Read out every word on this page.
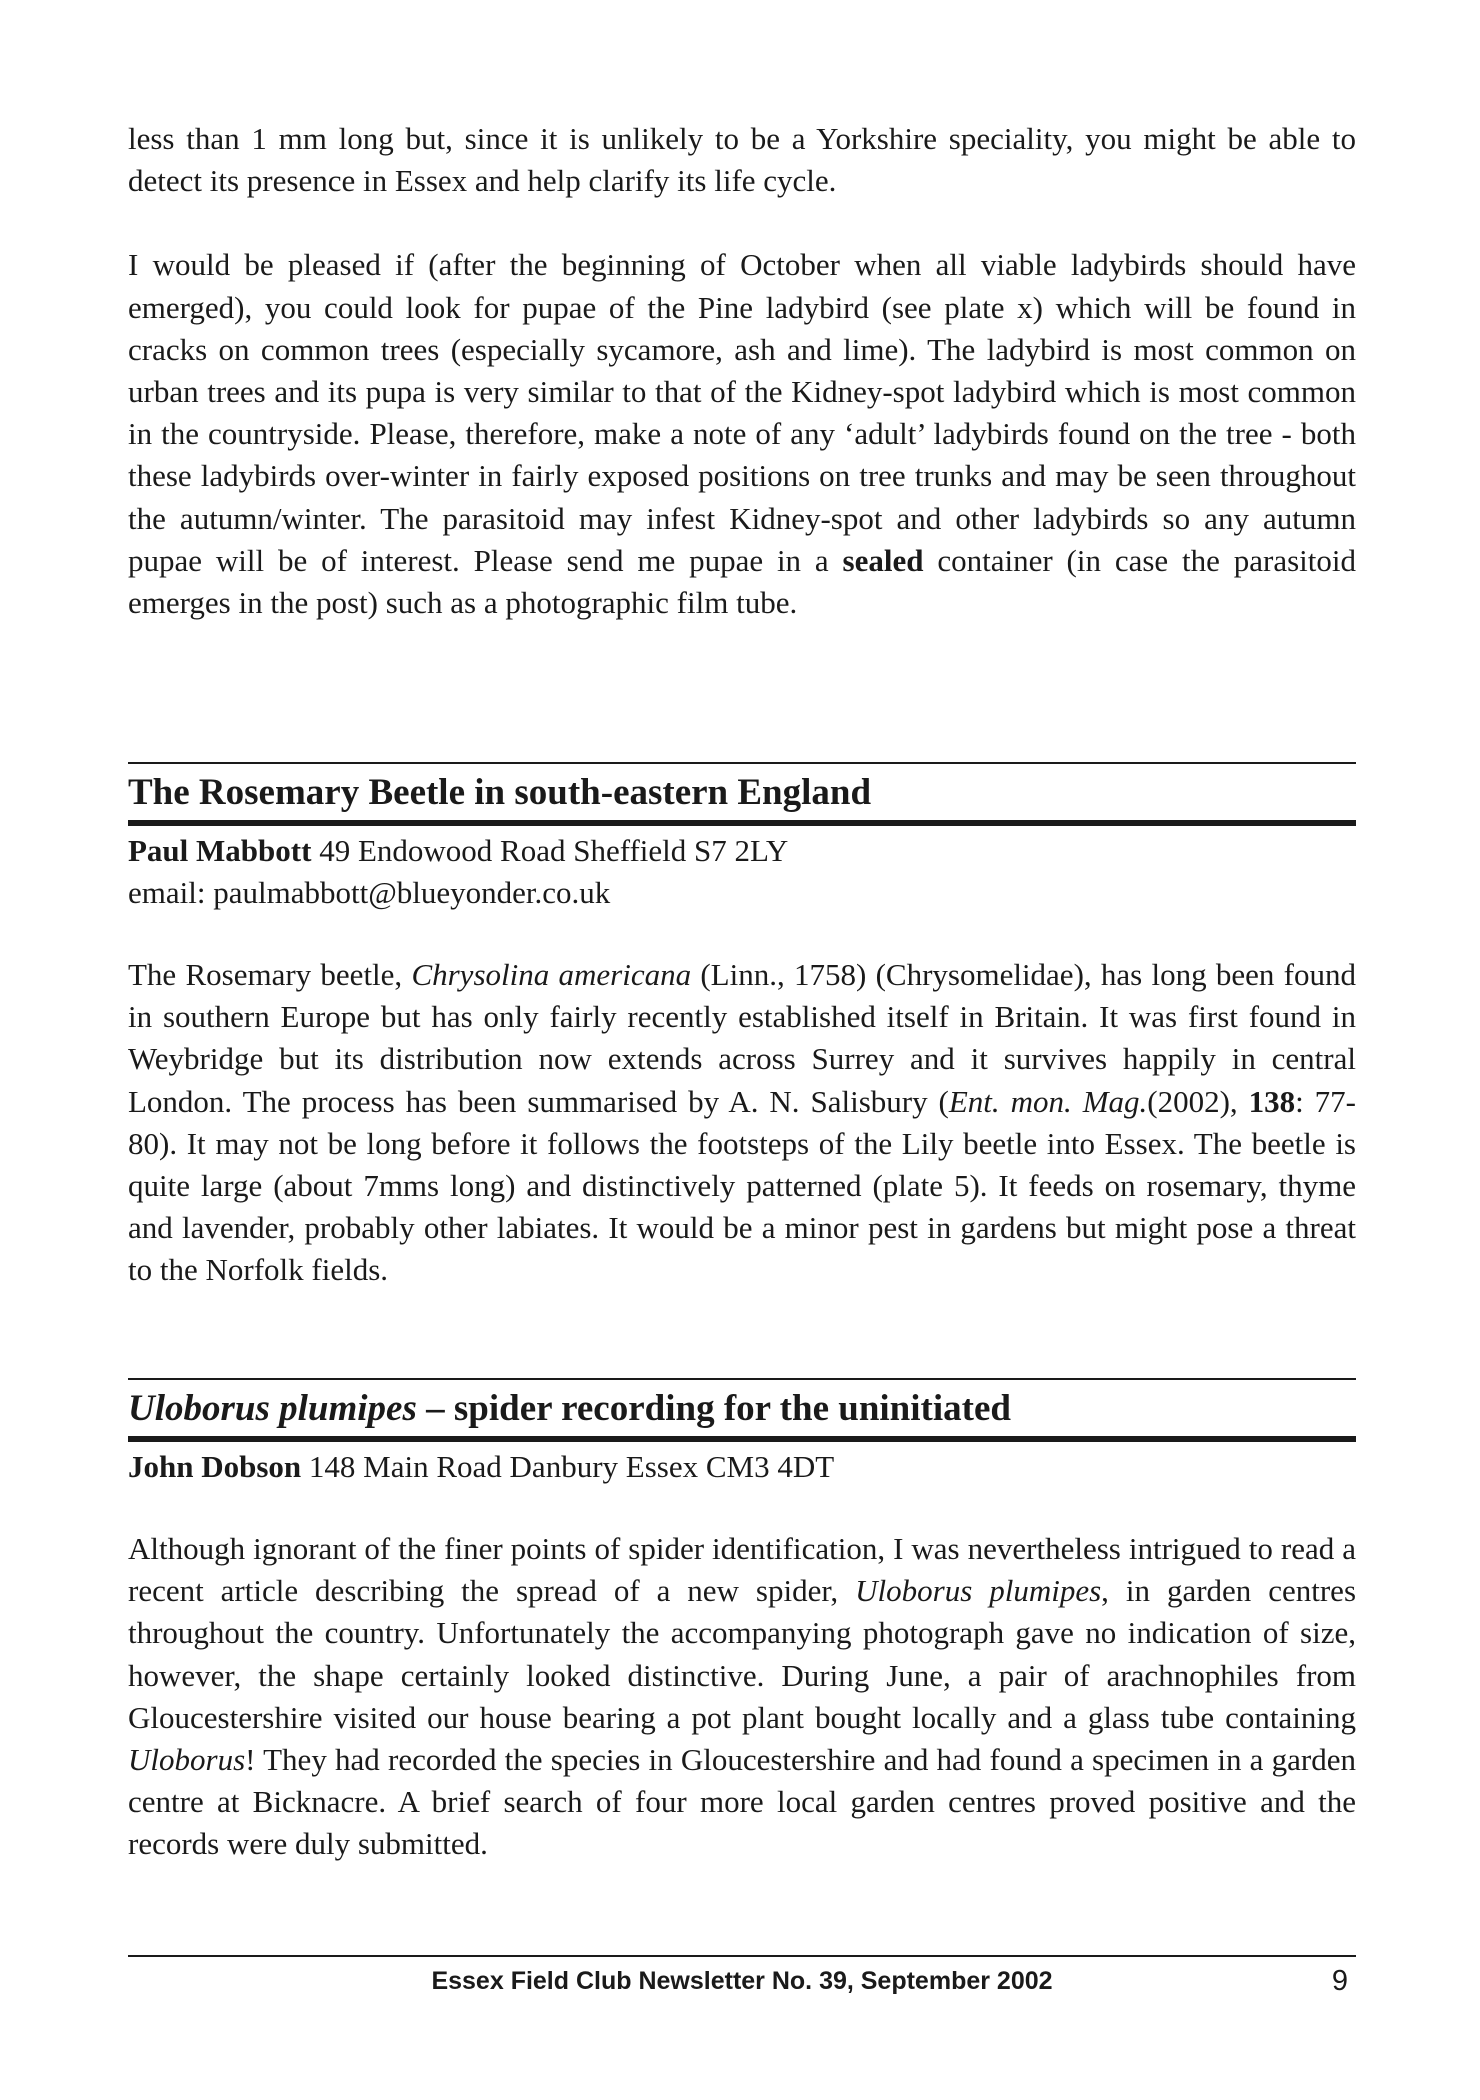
less than 1 mm long but, since it is unlikely to be a Yorkshire speciality, you might be able to detect its presence in Essex and help clarify its life cycle.

I would be pleased if (after the beginning of October when all viable ladybirds should have emerged), you could look for pupae of the Pine ladybird (see plate x) which will be found in cracks on common trees (especially sycamore, ash and lime). The ladybird is most common on urban trees and its pupa is very similar to that of the Kidney-spot ladybird which is most common in the countryside. Please, therefore, make a note of any ‘adult’ ladybirds found on the tree - both these ladybirds over-winter in fairly exposed positions on tree trunks and may be seen throughout the autumn/winter. The parasitoid may infest Kidney-spot and other ladybirds so any autumn pupae will be of interest. Please send me pupae in a sealed container (in case the parasitoid emerges in the post) such as a photographic film tube.

The Rosemary Beetle in south-eastern England

Paul Mabbott 49 Endowood Road Sheffield S7 2LY

email: paulmabbott@blueyonder.co.uk

The Rosemary beetle, Chrysolina americana (Linn., 1758) (Chrysomelidae), has long been found in southern Europe but has only fairly recently established itself in Britain. It was first found in Weybridge but its distribution now extends across Surrey and it survives happily in central London. The process has been summarised by A. N. Salisbury (Ent. mon. Mag.(2002), 138: 77-80). It may not be long before it follows the footsteps of the Lily beetle into Essex. The beetle is quite large (about 7mms long) and distinctively patterned (plate 5). It feeds on rosemary, thyme and lavender, probably other labiates. It would be a minor pest in gardens but might pose a threat to the Norfolk fields.

Uloborus plumipes – spider recording for the uninitiated

John Dobson 148 Main Road Danbury Essex CM3 4DT

Although ignorant of the finer points of spider identification, I was nevertheless intrigued to read a recent article describing the spread of a new spider, Uloborus plumipes, in garden centres throughout the country. Unfortunately the accompanying photograph gave no indication of size, however, the shape certainly looked distinctive. During June, a pair of arachnophiles from Gloucestershire visited our house bearing a pot plant bought locally and a glass tube containing Uloborus! They had recorded the species in Gloucestershire and had found a specimen in a garden centre at Bicknacre. A brief search of four more local garden centres proved positive and the records were duly submitted.

Essex Field Club Newsletter No. 39, September 2002	9
